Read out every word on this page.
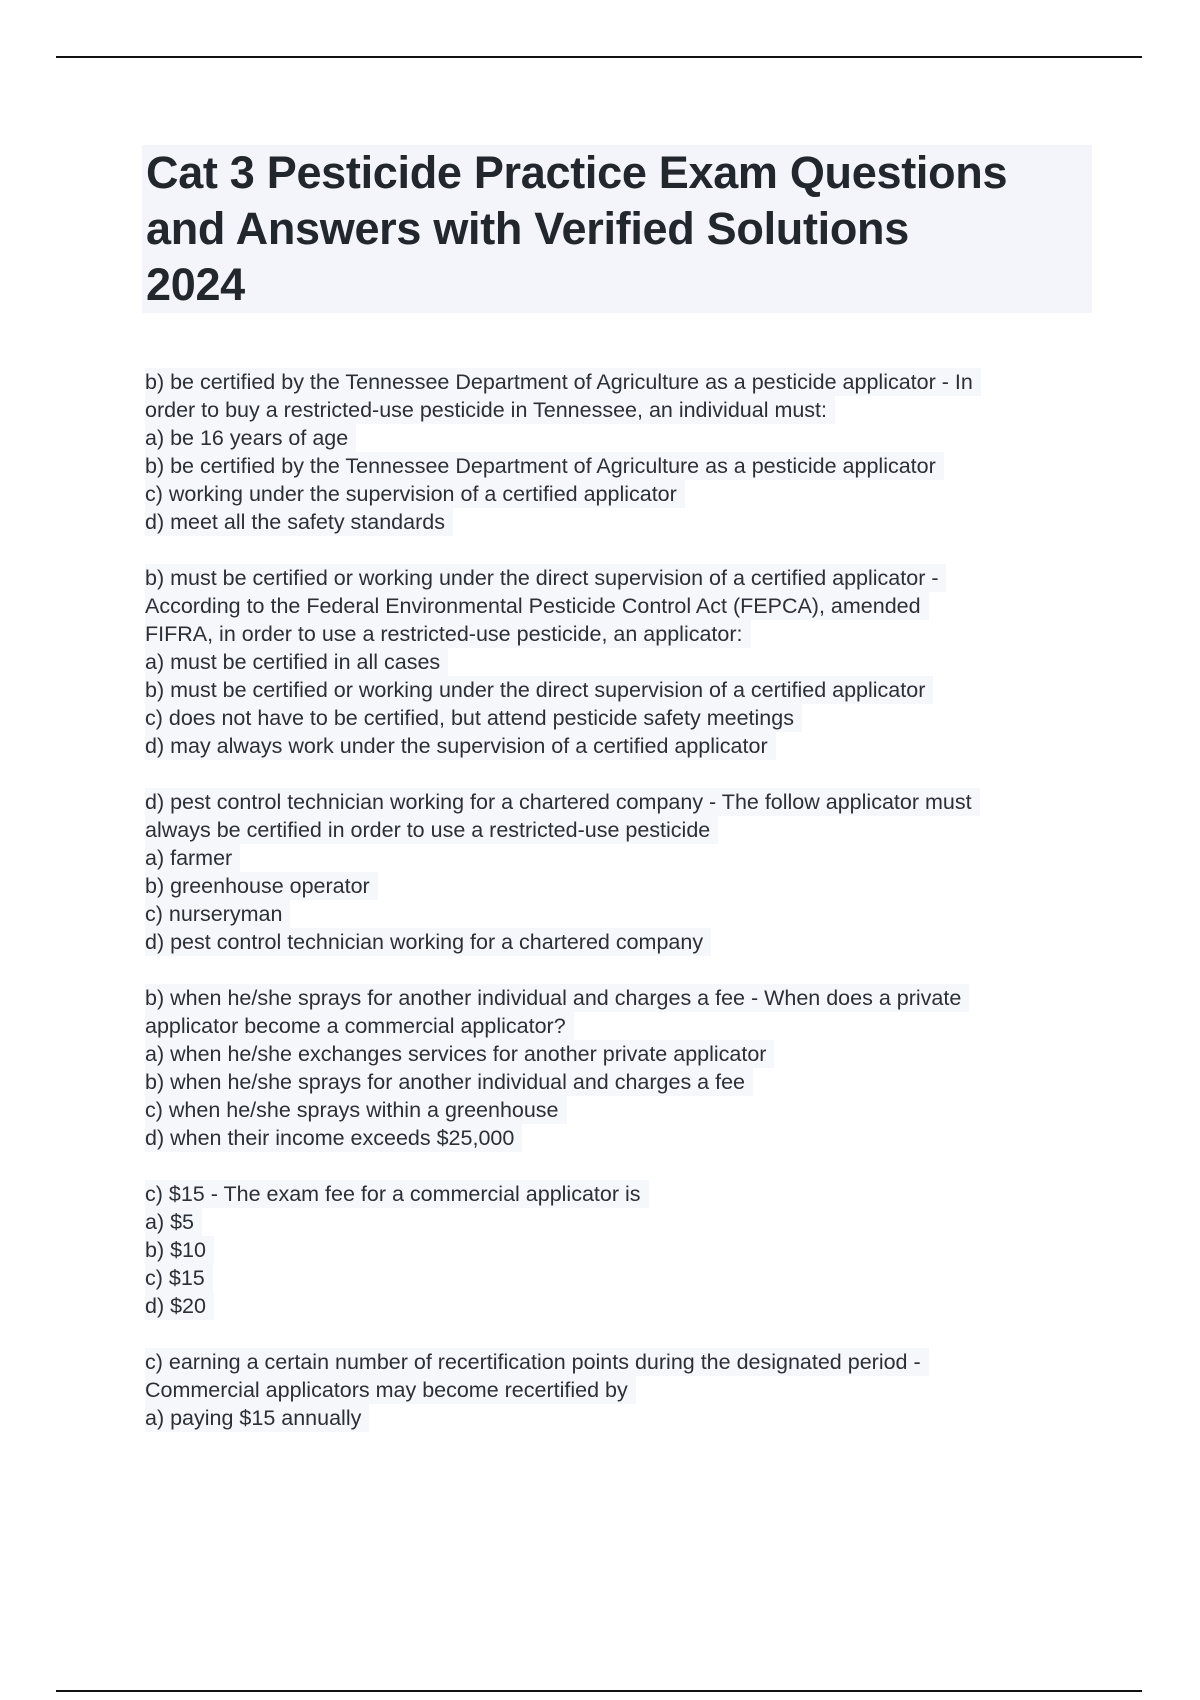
Cat 3 Pesticide Practice Exam Questions
and Answers with Verified Solutions
2024
b) be certified by the Tennessee Department of Agriculture as a pesticide applicator - In
order to buy a restricted-use pesticide in Tennessee, an individual must:
a) be 16 years of age
b) be certified by the Tennessee Department of Agriculture as a pesticide applicator
c) working under the supervision of a certified applicator
d) meet all the safety standards
b) must be certified or working under the direct supervision of a certified applicator -
According to the Federal Environmental Pesticide Control Act (FEPCA), amended
FIFRA, in order to use a restricted-use pesticide, an applicator:
a) must be certified in all cases
b) must be certified or working under the direct supervision of a certified applicator
c) does not have to be certified, but attend pesticide safety meetings
d) may always work under the supervision of a certified applicator
d) pest control technician working for a chartered company - The follow applicator must
always be certified in order to use a restricted-use pesticide
a) farmer
b) greenhouse operator
c) nurseryman
d) pest control technician working for a chartered company
b) when he/she sprays for another individual and charges a fee - When does a private
applicator become a commercial applicator?
a) when he/she exchanges services for another private applicator
b) when he/she sprays for another individual and charges a fee
c) when he/she sprays within a greenhouse
d) when their income exceeds $25,000
c) $15 - The exam fee for a commercial applicator is
a) $5
b) $10
c) $15
d) $20
c) earning a certain number of recertification points during the designated period -
Commercial applicators may become recertified by
a) paying $15 annually
